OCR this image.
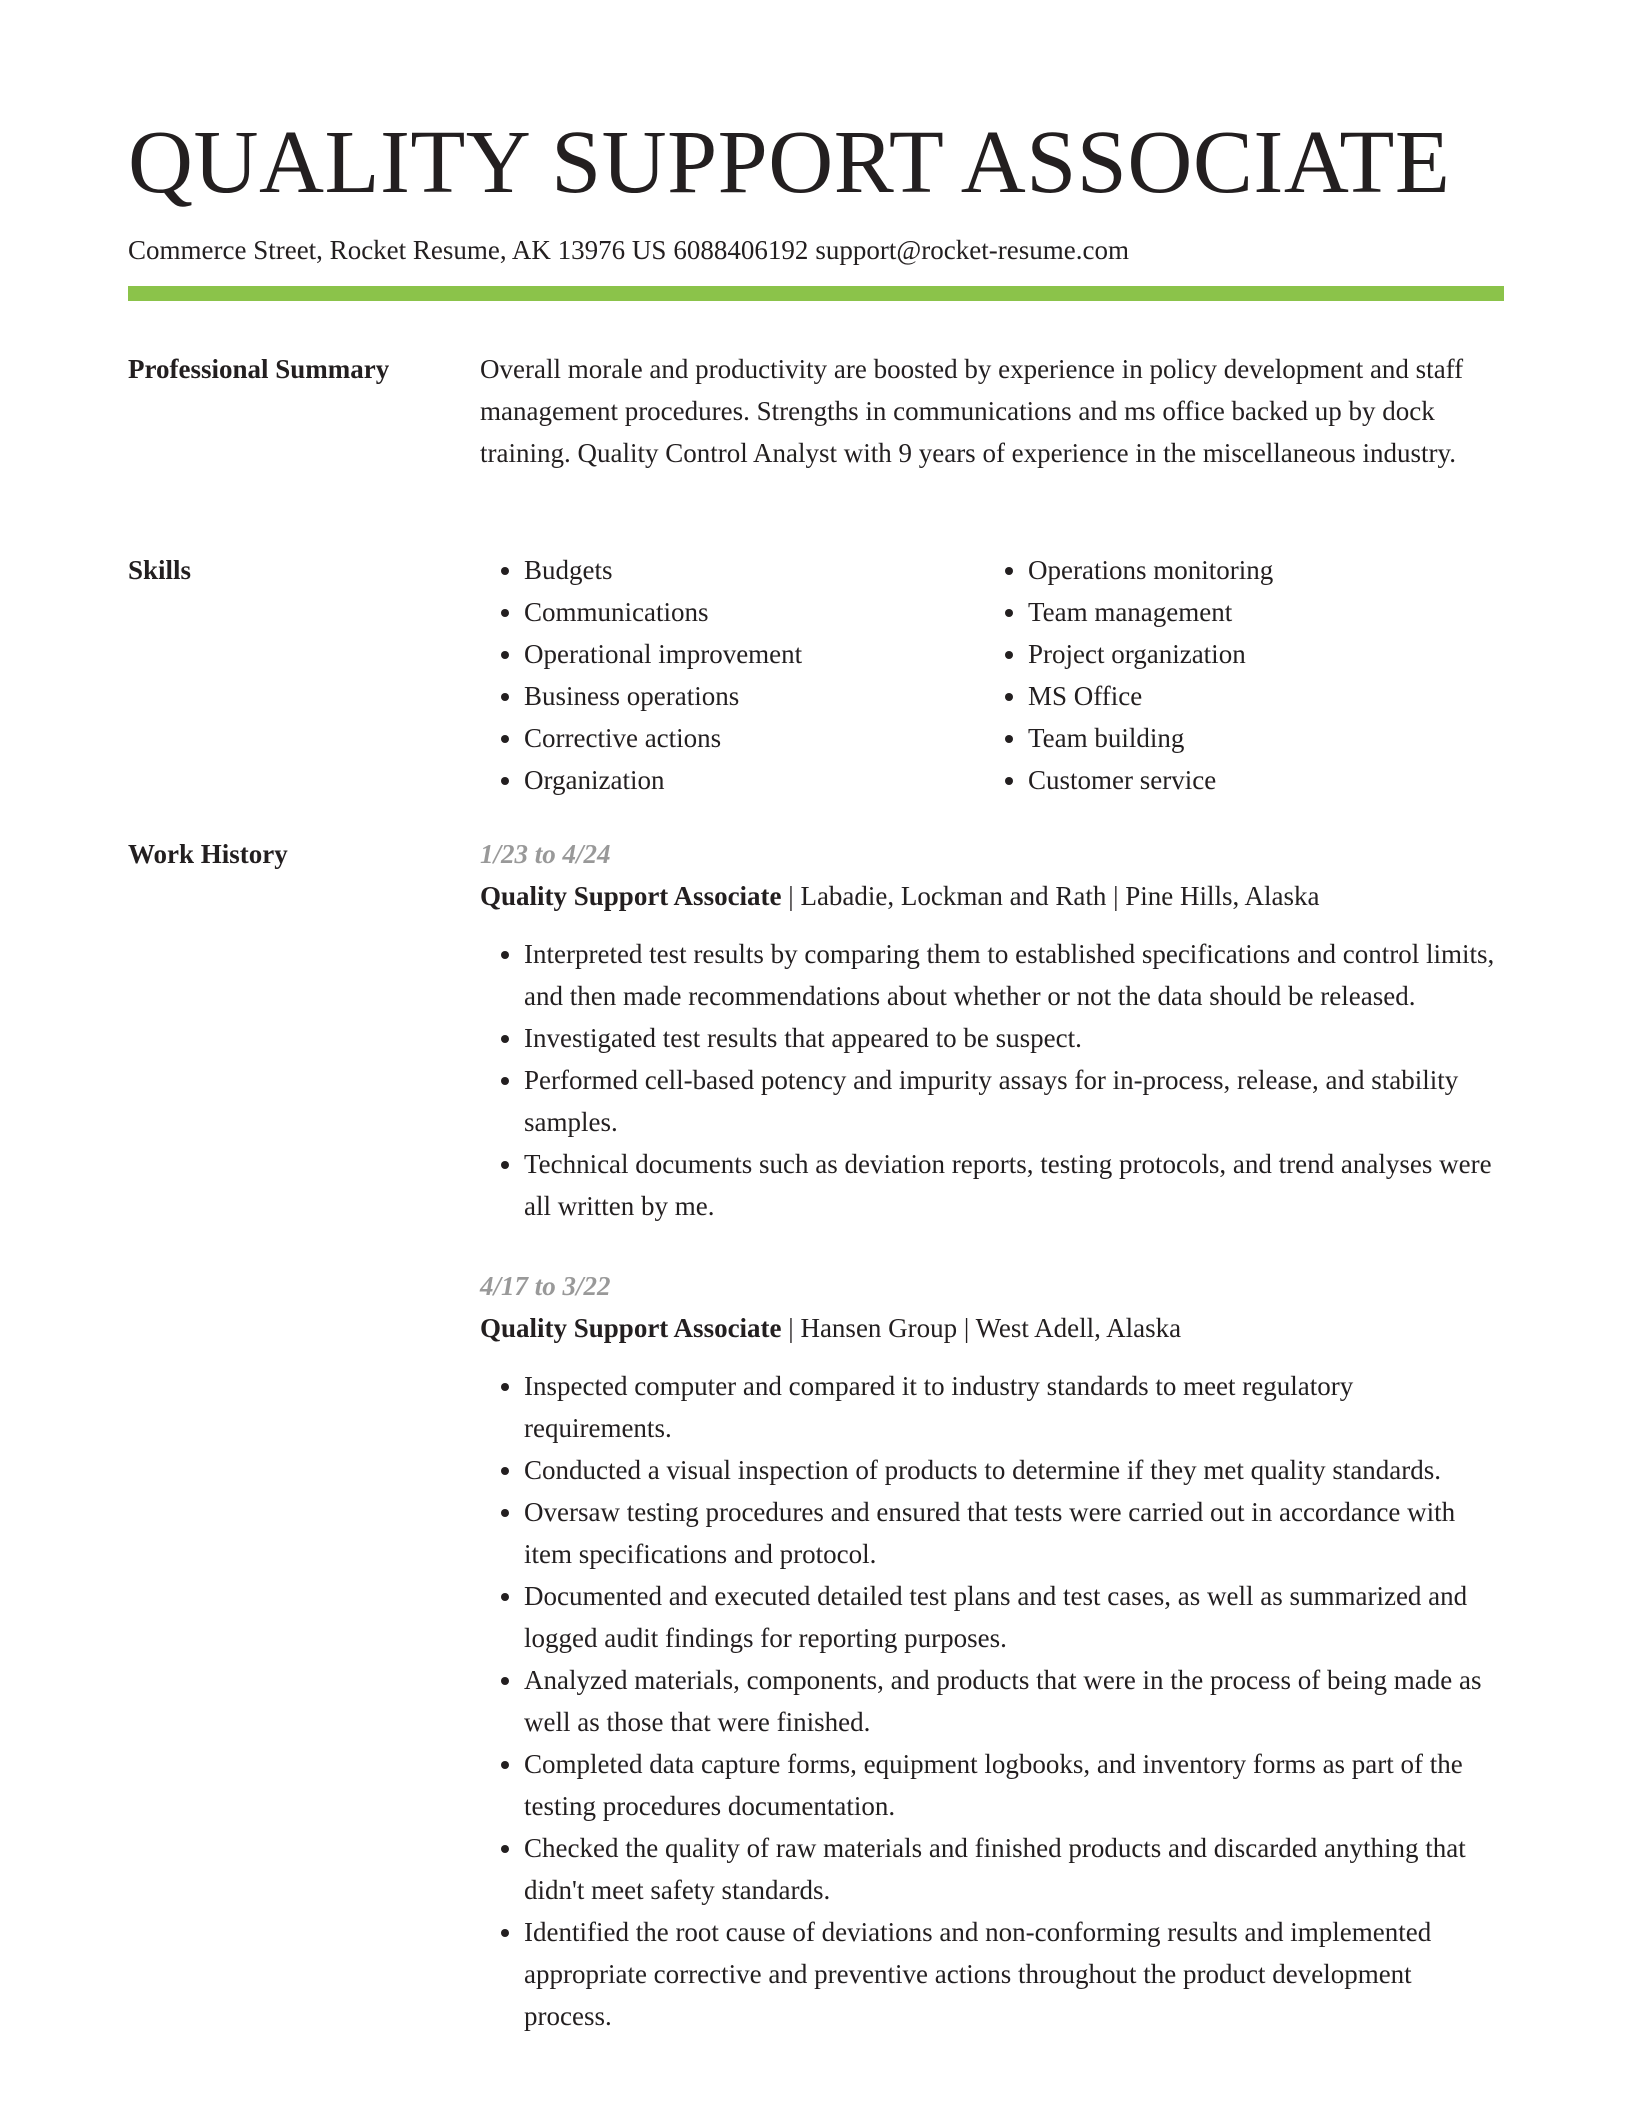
QUALITY SUPPORT ASSOCIATE
Commerce Street, Rocket Resume, AK 13976 US 6088406192 support@rocket-resume.com
Professional Summary	Overall morale and productivity are boosted by experience in policy development and staff management procedures. Strengths in communications and ms office backed up by dock training. Quality Control Analyst with 9 years of experience in the miscellaneous industry.

Skills
•	Budgets
• Communications
• Operational improvement
• Business operations
• Corrective actions
• Organization
• Operations monitoring
• Team management
• Project organization
• MS Office
• Team building
• Customer service
Work History	1/23 to 4/24
Quality Support Associate | Labadie, Lockman and Rath | Pine Hills, Alaska
• Interpreted test results by comparing them to established specifications and control limits, and then made recommendations about whether or not the data should be released.
• Investigated test results that appeared to be suspect.
• Performed cell-based potency and impurity assays for in-process, release, and stability samples.
• Technical documents such as deviation reports, testing protocols, and trend analyses were all written by me.
4/17 to 3/22
Quality Support Associate | Hansen Group | West Adell, Alaska
• Inspected computer and compared it to industry standards to meet regulatory requirements.
• Conducted a visual inspection of products to determine if they met quality standards.
• Oversaw testing procedures and ensured that tests were carried out in accordance with item specifications and protocol.
• Documented and executed detailed test plans and test cases, as well as summarized and logged audit findings for reporting purposes.
• Analyzed materials, components, and products that were in the process of being made as well as those that were finished.
• Completed data capture forms, equipment logbooks, and inventory forms as part of the testing procedures documentation.
• Checked the quality of raw materials and finished products and discarded anything that didn't meet safety standards.
• Identified the root cause of deviations and non-conforming results and implemented appropriate corrective and preventive actions throughout the product development process.
